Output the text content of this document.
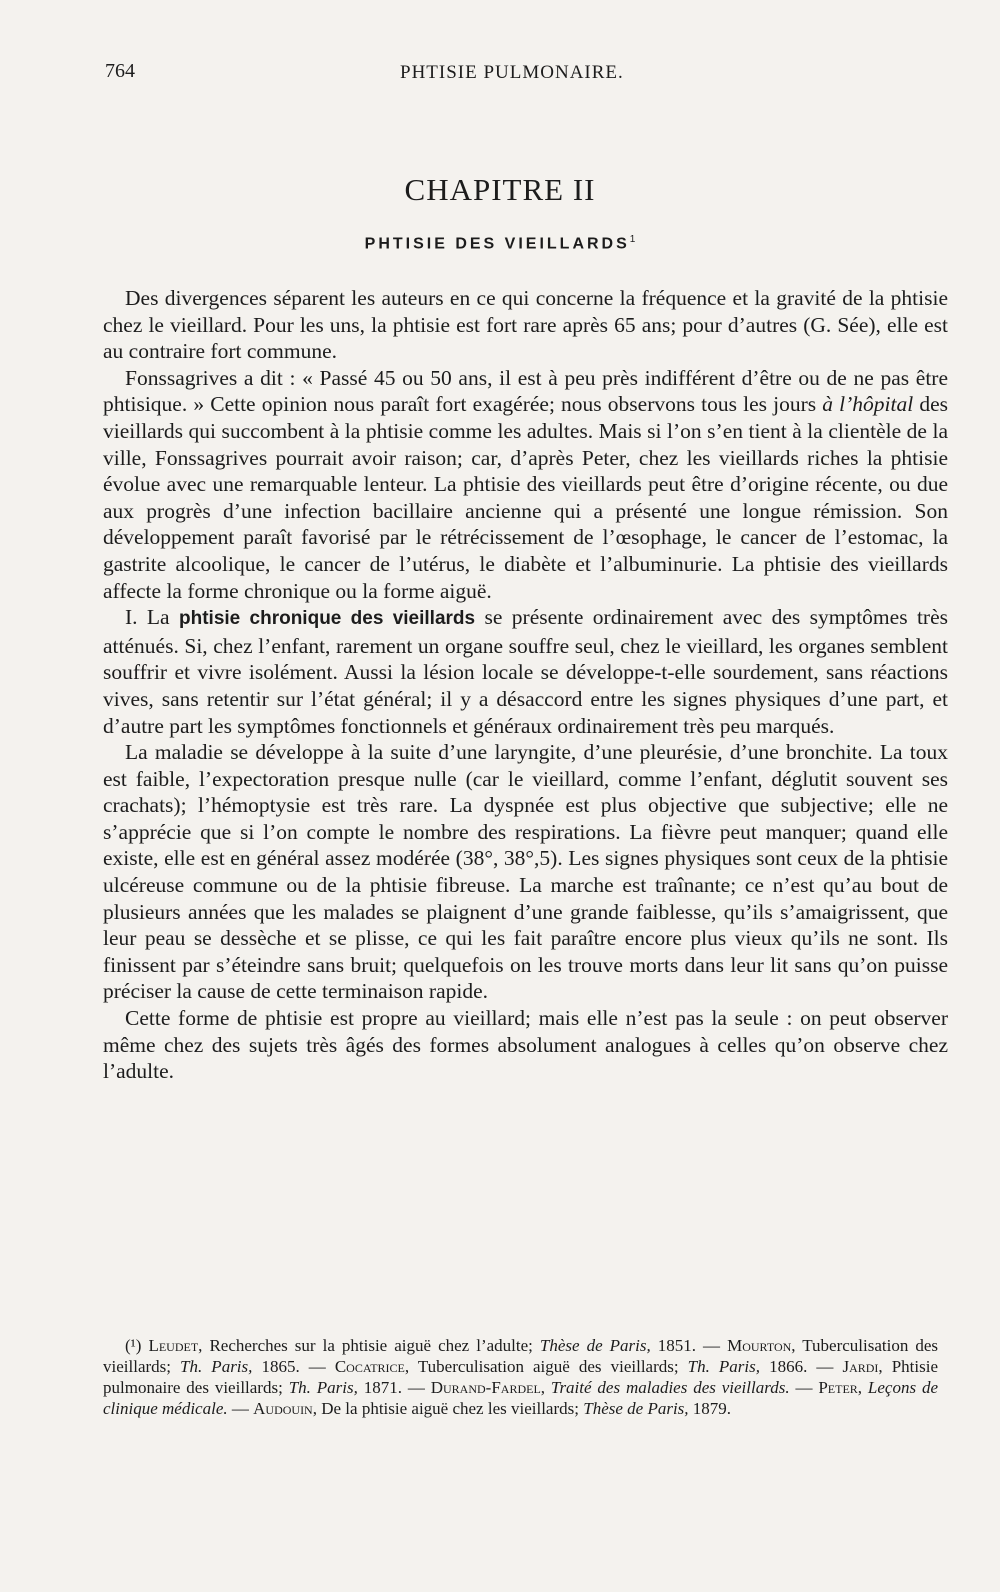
764	PHTISIE PULMONAIRE.
CHAPITRE II
PHTISIE DES VIEILLARDS$^1$

Des divergences séparent les auteurs en ce qui concerne la fréquence et la gravité de la phtisie chez le vieillard. Pour les uns, la phtisie est fort rare après 65 ans; pour d’autres (G. Sée), elle est au contraire fort commune.

Fonssagrives a dit : « Passé 45 ou 50 ans, il est à peu près indifférent d’être ou de ne pas être phtisique. » Cette opinion nous paraît fort exagérée; nous observons tous les jours à l’hôpital des vieillards qui succombent à la phtisie comme les adultes. Mais si l’on s’en tient à la clientèle de la ville, Fonssagrives pourrait avoir raison; car, d’après Peter, chez les vieillards riches la phtisie évolue avec une remarquable lenteur. La phtisie des vieillards peut être d’origine récente, ou due aux progrès d’une infection bacillaire ancienne qui a présenté une longue rémission. Son développement paraît favorisé par le rétrécissement de l’œsophage, le cancer de l’estomac, la gastrite alcoolique, le cancer de l’utérus, le diabète et l’albuminurie. La phtisie des vieillards affecte la forme chronique ou la forme aiguë.

I. La phtisie chronique des vieillards se présente ordinairement avec des symptômes très atténués. Si, chez l’enfant, rarement un organe souffre seul, chez le vieillard, les organes semblent souffrir et vivre isolément. Aussi la lésion locale se développe-t-elle sourdement, sans réactions vives, sans retentir sur l’état général; il y a désaccord entre les signes physiques d’une part, et d’autre part les symptômes fonctionnels et généraux ordinairement très peu marqués.

La maladie se développe à la suite d’une laryngite, d’une pleurésie, d’une bronchite. La toux est faible, l’expectoration presque nulle (car le vieillard, comme l’enfant, déglutit souvent ses crachats); l’hémoptysie est très rare. La dyspnée est plus objective que subjective; elle ne s’apprécie que si l’on compte le nombre des respirations. La fièvre peut manquer; quand elle existe, elle est en général assez modérée (38°, 38°,5). Les signes physiques sont ceux de la phtisie ulcéreuse commune ou de la phtisie fibreuse. La marche est traînante; ce n’est qu’au bout de plusieurs années que les malades se plaignent d’une grande faiblesse, qu’ils s’amaigrissent, que leur peau se dessèche et se plisse, ce qui les fait paraître encore plus vieux qu’ils ne sont. Ils finissent par s’éteindre sans bruit; quelquefois on les trouve morts dans leur lit sans qu’on puisse préciser la cause de cette terminaison rapide.

Cette forme de phtisie est propre au vieillard; mais elle n’est pas la seule : on peut observer même chez des sujets très âgés des formes absolument analogues à celles qu’on observe chez l’adulte.

(¹) Leudet, Recherches sur la phtisie aiguë chez l’adulte; Thèse de Paris, 1851. — Mourton, Tuberculisation des vieillards; Th. Paris, 1865. — Cocatrice, Tuberculisation aiguë des vieillards; Th. Paris, 1866. — Jardi, Phtisie pulmonaire des vieillards; Th. Paris, 1871. — Durand-Fardel, Traité des maladies des vieillards. — Peter, Leçons de clinique médicale. — Audouin, De la phtisie aiguë chez les vieillards; Thèse de Paris, 1879.
